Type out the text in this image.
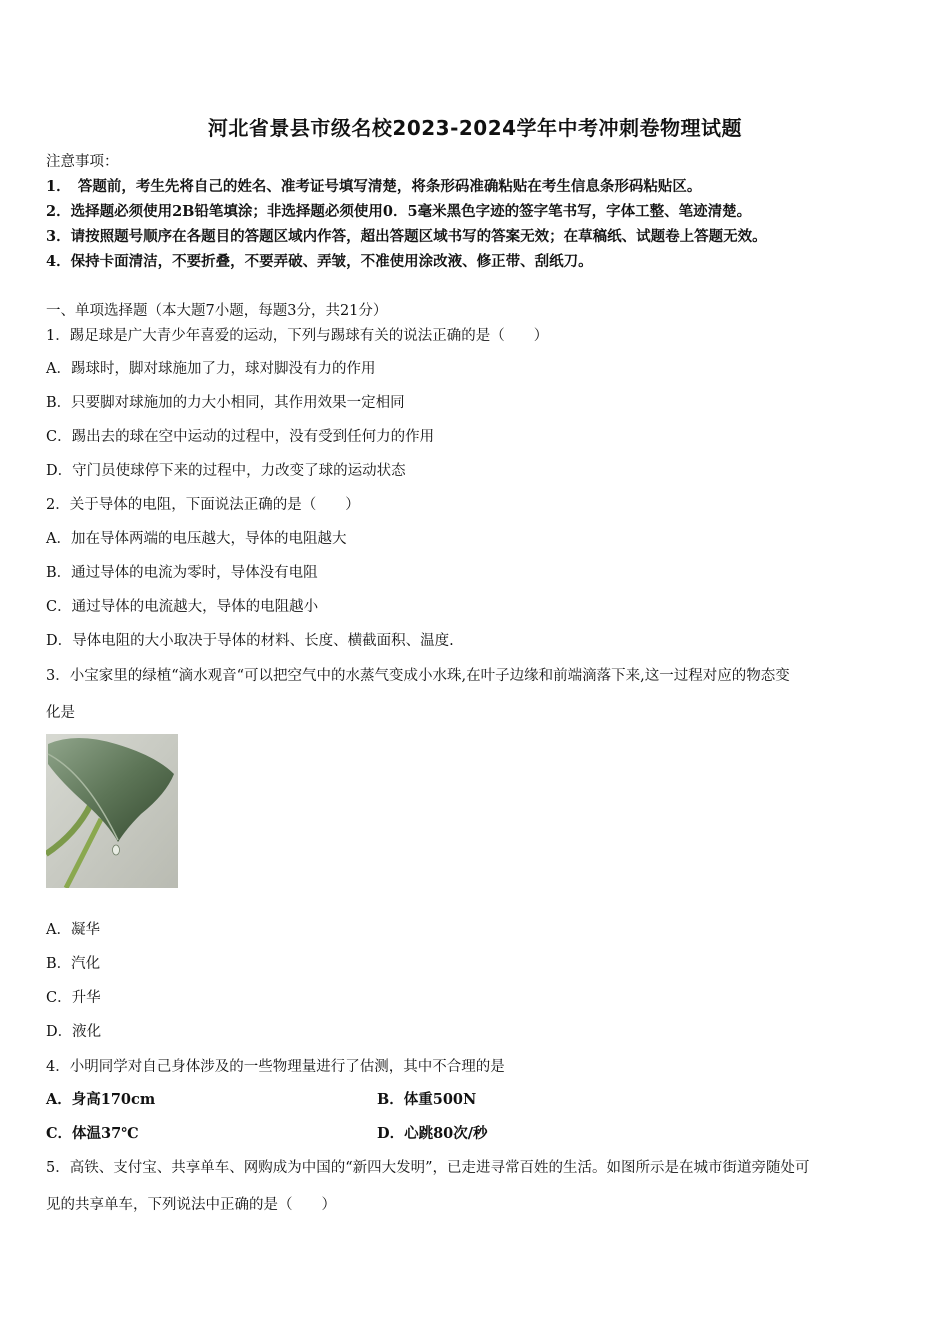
河北省景县市级名校2023-2024学年中考冲刺卷物理试题
注意事项：
1．　答题前，考生先将自己的姓名、准考证号填写清楚，将条形码准确粘贴在考生信息条形码粘贴区。
2．选择题必须使用2B铅笔填涂；非选择题必须使用0．5毫米黑色字迹的签字笔书写，字体工整、笔迹清楚。
3．请按照题号顺序在各题目的答题区域内作答，超出答题区域书写的答案无效；在草稿纸、试题卷上答题无效。
4．保持卡面清洁，不要折叠，不要弄破、弄皱，不准使用涂改液、修正带、刮纸刀。
一、单项选择题（本大题7小题，每题3分，共21分）
1．踢足球是广大青少年喜爱的运动，下列与踢球有关的说法正确的是（　　）
A．踢球时，脚对球施加了力，球对脚没有力的作用
B．只要脚对球施加的力大小相同，其作用效果一定相同
C．踢出去的球在空中运动的过程中，没有受到任何力的作用
D．守门员使球停下来的过程中，力改变了球的运动状态
2．关于导体的电阻，下面说法正确的是（　　）
A．加在导体两端的电压越大，导体的电阻越大
B．通过导体的电流为零时，导体没有电阻
C．通过导体的电流越大，导体的电阻越小
D．导体电阻的大小取决于导体的材料、长度、横截面积、温度.
3．小宝家里的绿植“滴水观音“可以把空气中的水蒸气变成小水珠,在叶子边缘和前端滴落下来,这一过程对应的物态变
化是
A．凝华
B．汽化
C．升华
D．液化
4．小明同学对自己身体涉及的一些物理量进行了估测，其中不合理的是
A．身高170cm	B．体重500N
C．体温37℃	D．心跳80次/秒
5．高铁、支付宝、共享单车、网购成为中国的“新四大发明”，已走进寻常百姓的生活。如图所示是在城市街道旁随处可
见的共享单车，下列说法中正确的是（　　）
